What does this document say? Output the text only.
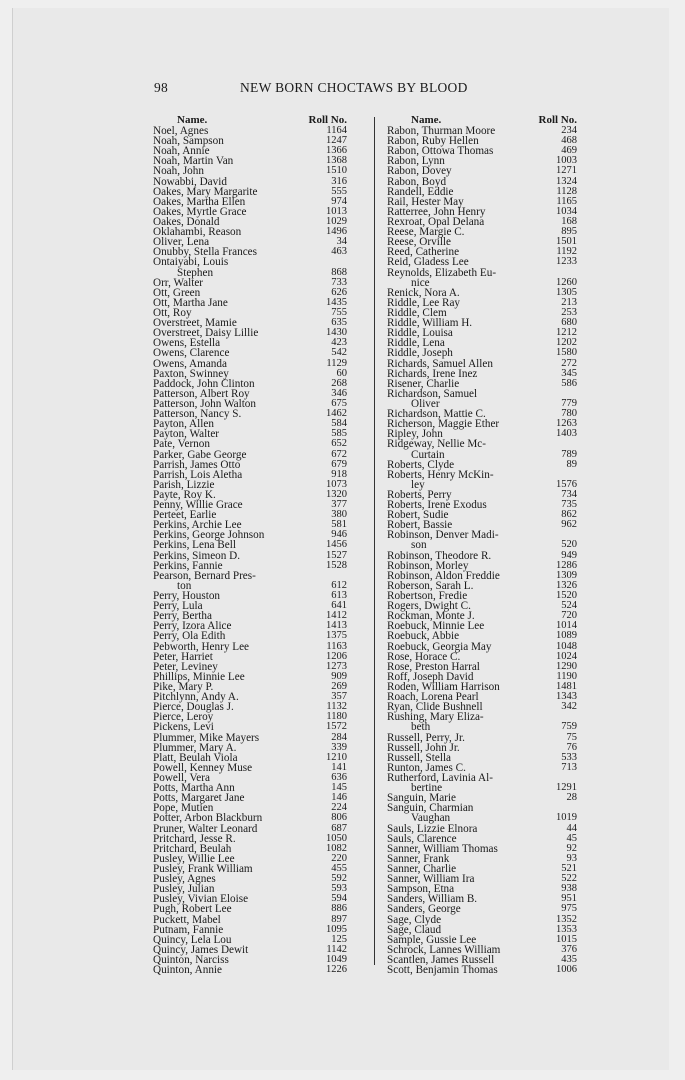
98	NEW BORN CHOCTAWS BY BLOOD
Name.	Roll No.
Noel, Agnes	1164
Noah, Sampson	1247
Noah, Annie	1366
Noah, Martin Van	1368
Noah, John	1510
Nowabbi, David	316
Oakes, Mary Margarite	555
Oakes, Martha Ellen	974
Oakes, Myrtle Grace	1013
Oakes, Donald	1029
Oklahambi, Reason	1496
Oliver, Lena	34
Onubby, Stella Frances	463
Ontaiyabi, Louis
Stephen	868
Orr, Walter	733
Ott, Green	626
Ott, Martha Jane	1435
Ott, Roy	755
Overstreet, Mamie	635
Overstreet, Daisy Lillie	1430
Owens, Estella	423
Owens, Clarence	542
Owens, Amanda	1129
Paxton, Swinney	60
Paddock, John Clinton	268
Patterson, Albert Roy	346
Patterson, John Walton	675
Patterson, Nancy S.	1462
Payton, Allen	584
Payton, Walter	585
Pate, Vernon	652
Parker, Gabe George	672
Parrish, James Otto	679
Parrish, Lois Aletha	918
Parish, Lizzie	1073
Payte, Roy K.	1320
Penny, Willie Grace	377
Perteet, Earlie	380
Perkins, Archie Lee	581
Perkins, George Johnson	946
Perkins, Lena Bell	1456
Perkins, Simeon D.	1527
Perkins, Fannie	1528
Pearson, Bernard Pres-
ton	612
Perry, Houston	613
Perry, Lula	641
Perry, Bertha	1412
Perry, Izora Alice	1413
Perry, Ola Edith	1375
Pebworth, Henry Lee	1163
Peter, Harriet	1206
Peter, Leviney	1273
Phillips, Minnie Lee	909
Pike, Mary P.	269
Pitchlynn, Andy A.	357
Pierce, Douglas J.	1132
Pierce, Leroy	1180
Pickens, Levi	1572
Plummer, Mike Mayers	284
Plummer, Mary A.	339
Platt, Beulah Viola	1210
Powell, Kenney Muse	141
Powell, Vera	636
Potts, Martha Ann	145
Potts, Margaret Jane	146
Pope, Mutien	224
Potter, Arbon Blackburn	806
Pruner, Walter Leonard	687
Pritchard, Jesse R.	1050
Pritchard, Beulah	1082
Pusley, Willie Lee	220
Pusley, Frank William	455
Pusley, Agnes	592
Pusley, Julian	593
Pusley, Vivian Eloise	594
Pugh, Robert Lee	886
Puckett, Mabel	897
Putnam, Fannie	1095
Quincy, Lela Lou	125
Quincy, James Dewit	1142
Quinton, Narciss	1049
Quinton, Annie	1226
Name.	Roll No.
Rabon, Thurman Moore	234
Rabon, Ruby Hellen	468
Rabon, Ottowa Thomas	469
Rabon, Lynn	1003
Rabon, Dovey	1271
Rabon, Boyd	1324
Randell, Eddie	1128
Rail, Hester May	1165
Ratterree, John Henry	1034
Rexroat, Opal Delana	168
Reese, Margie C.	895
Reese, Orville	1501
Reed, Catherine	1192
Reid, Gladess Lee	1233
Reynolds, Elizabeth Eu-
nice	1260
Renick, Nora A.	1305
Riddle, Lee Ray	213
Riddle, Clem	253
Riddle, William H.	680
Riddle, Louisa	1212
Riddle, Lena	1202
Riddle, Joseph	1580
Richards, Samuel Allen	272
Richards, Irene Inez	345
Risener, Charlie	586
Richardson, Samuel
Oliver	779
Richardson, Mattie C.	780
Richerson, Maggie Ether	1263
Ripley, John	1403
Ridgeway, Nellie Mc-
Curtain	789
Roberts, Clyde	89
Roberts, Henry McKin-
ley	1576
Roberts, Perry	734
Roberts, Irene Exodus	735
Robert, Sudie	862
Robert, Bassie	962
Robinson, Denver Madi-
son	520
Robinson, Theodore R.	949
Robinson, Morley	1286
Robinson, Aldon Freddie	1309
Roberson, Sarah L.	1326
Robertson, Fredie	1520
Rogers, Dwight C.	524
Rockman, Monte J.	720
Roebuck, Minnie Lee	1014
Roebuck, Abbie	1089
Roebuck, Georgia May	1048
Rose, Horace C.	1024
Rose, Preston Harral	1290
Roff, Joseph David	1190
Roden, William Harrison	1481
Roach, Lorena Pearl	1343
Ryan, Clide Bushnell	342
Rushing, Mary Eliza-
beth	759
Russell, Perry, Jr.	75
Russell, John Jr.	76
Russell, Stella	533
Runton, James C.	713
Rutherford, Lavinia Al-
bertine	1291
Sanguin, Marie	28
Sanguin, Charmian
Vaughan	1019
Sauls, Lizzie Elnora	44
Sauls, Clarence	45
Sanner, William Thomas	92
Sanner, Frank	93
Sanner, Charlie	521
Sanner, William Ira	522
Sampson, Etna	938
Sanders, William B.	951
Sanders, George	975
Sage, Clyde	1352
Sage, Claud	1353
Sample, Gussie Lee	1015
Schrock, Lannes William	376
Scantlen, James Russell	435
Scott, Benjamin Thomas	1006
